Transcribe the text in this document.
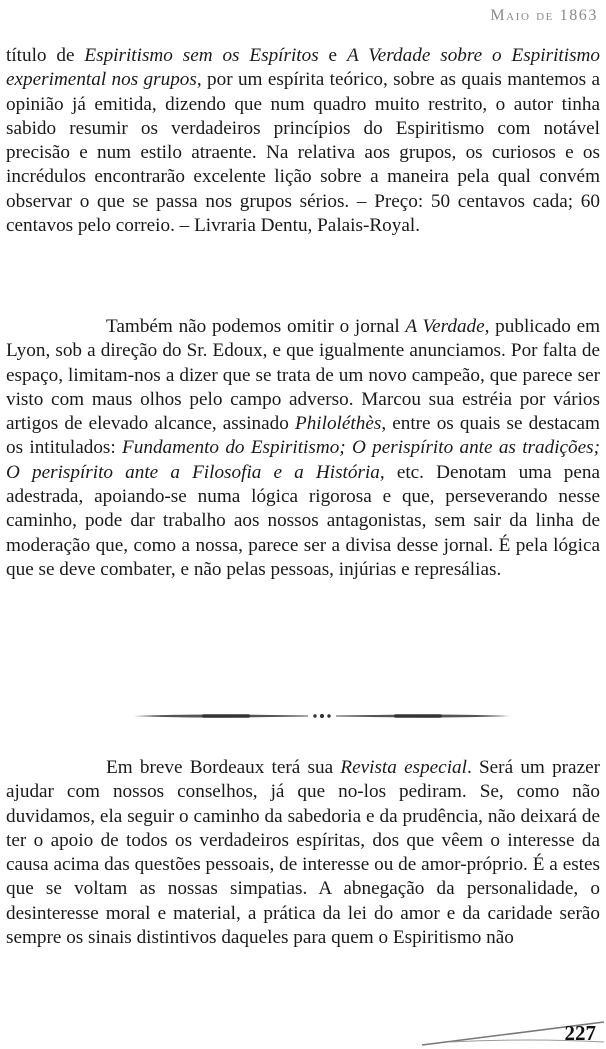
Maio de 1863

título de Espiritismo sem os Espíritos e A Verdade sobre o Espiritismo experimental nos grupos, por um espírita teórico, sobre as quais mantemos a opinião já emitida, dizendo que num quadro muito restrito, o autor tinha sabido resumir os verdadeiros princípios do Espiritismo com notável precisão e num estilo atraente. Na relativa aos grupos, os curiosos e os incrédulos encontrarão excelente lição sobre a maneira pela qual convém observar o que se passa nos grupos sérios. – Preço: 50 centavos cada; 60 centavos pelo correio. – Livraria Dentu, Palais-Royal.

Também não podemos omitir o jornal A Verdade, publicado em Lyon, sob a direção do Sr. Edoux, e que igualmente anunciamos. Por falta de espaço, limitam-nos a dizer que se trata de um novo campeão, que parece ser visto com maus olhos pelo campo adverso. Marcou sua estréia por vários artigos de elevado alcance, assinado Philoléthès, entre os quais se destacam os intitulados: Fundamento do Espiritismo; O perispírito ante as tradições; O perispírito ante a Filosofia e a História, etc. Denotam uma pena adestrada, apoiando-se numa lógica rigorosa e que, perseverando nesse caminho, pode dar trabalho aos nossos antagonistas, sem sair da linha de moderação que, como a nossa, parece ser a divisa desse jornal. É pela lógica que se deve combater, e não pelas pessoas, injúrias e represálias.

Em breve Bordeaux terá sua Revista especial. Será um prazer ajudar com nossos conselhos, já que no-los pediram. Se, como não duvidamos, ela seguir o caminho da sabedoria e da prudência, não deixará de ter o apoio de todos os verdadeiros espíritas, dos que vêem o interesse da causa acima das questões pessoais, de interesse ou de amor-próprio. É a estes que se voltam as nossas simpatias. A abnegação da personalidade, o desinteresse moral e material, a prática da lei do amor e da caridade serão sempre os sinais distintivos daqueles para quem o Espiritismo não

227
